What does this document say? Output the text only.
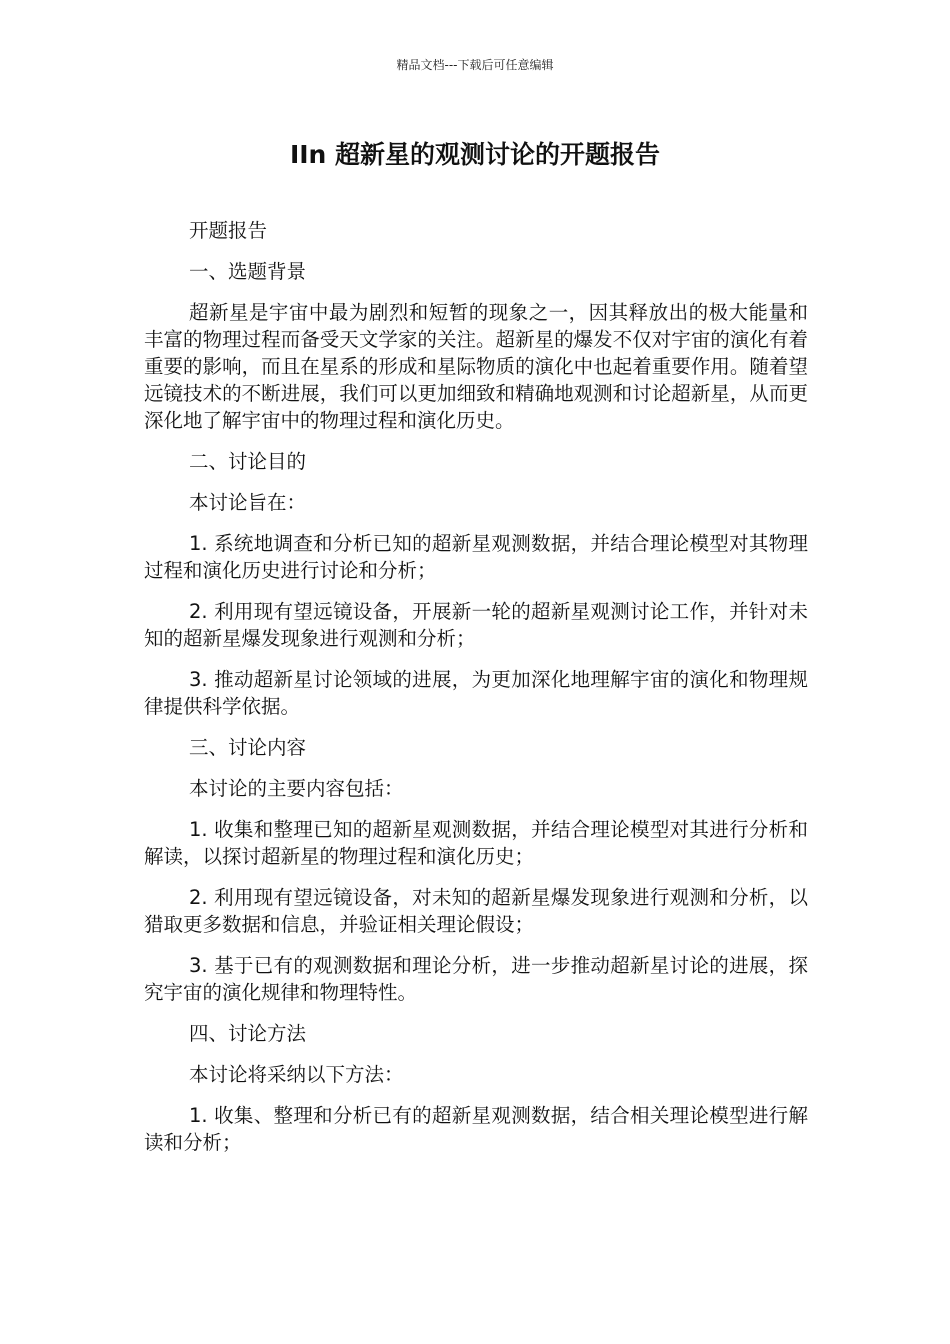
精品文档---下载后可任意编辑
IIn 超新星的观测讨论的开题报告

开题报告

一、选题背景

超新星是宇宙中最为剧烈和短暂的现象之一，因其释放出的极大能量和丰富的物理过程而备受天文学家的关注。超新星的爆发不仅对宇宙的演化有着重要的影响，而且在星系的形成和星际物质的演化中也起着重要作用。随着望远镜技术的不断进展，我们可以更加细致和精确地观测和讨论超新星，从而更深化地了解宇宙中的物理过程和演化历史。

二、讨论目的

本讨论旨在：

1. 系统地调查和分析已知的超新星观测数据，并结合理论模型对其物理过程和演化历史进行讨论和分析；

2. 利用现有望远镜设备，开展新一轮的超新星观测讨论工作，并针对未知的超新星爆发现象进行观测和分析；

3. 推动超新星讨论领域的进展，为更加深化地理解宇宙的演化和物理规律提供科学依据。

三、讨论内容

本讨论的主要内容包括：

1. 收集和整理已知的超新星观测数据，并结合理论模型对其进行分析和解读，以探讨超新星的物理过程和演化历史；

2. 利用现有望远镜设备，对未知的超新星爆发现象进行观测和分析，以猎取更多数据和信息，并验证相关理论假设；

3. 基于已有的观测数据和理论分析，进一步推动超新星讨论的进展，探究宇宙的演化规律和物理特性。

四、讨论方法

本讨论将采纳以下方法：

1. 收集、整理和分析已有的超新星观测数据，结合相关理论模型进行解读和分析；
